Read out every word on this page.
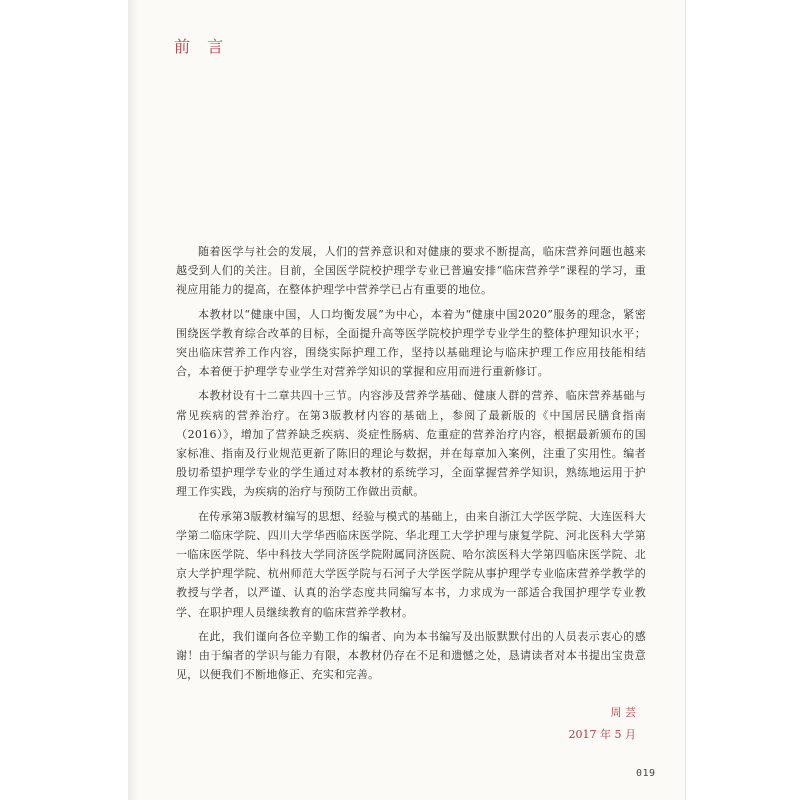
前 言

随着医学与社会的发展，人们的营养意识和对健康的要求不断提高，临床营养问题也越来越受到人们的关注。目前，全国医学院校护理学专业已普遍安排“临床营养学”课程的学习，重视应用能力的提高，在整体护理学中营养学已占有重要的地位。

本教材以“健康中国，人口均衡发展”为中心，本着为“健康中国2020”服务的理念，紧密围绕医学教育综合改革的目标，全面提升高等医学院校护理学专业学生的整体护理知识水平；突出临床营养工作内容，围绕实际护理工作，坚持以基础理论与临床护理工作应用技能相结合，本着便于护理学专业学生对营养学知识的掌握和应用而进行重新修订。

本教材设有十二章共四十三节。内容涉及营养学基础、健康人群的营养、临床营养基础与常见疾病的营养治疗。在第3版教材内容的基础上，参阅了最新版的《中国居民膳食指南（2016）》，增加了营养缺乏疾病、炎症性肠病、危重症的营养治疗内容，根据最新颁布的国家标准、指南及行业规范更新了陈旧的理论与数据，并在每章加入案例，注重了实用性。编者殷切希望护理学专业的学生通过对本教材的系统学习，全面掌握营养学知识，熟练地运用于护理工作实践，为疾病的治疗与预防工作做出贡献。

在传承第3版教材编写的思想、经验与模式的基础上，由来自浙江大学医学院、大连医科大学第二临床学院、四川大学华西临床医学院、华北理工大学护理与康复学院、河北医科大学第一临床医学院、华中科技大学同济医学院附属同济医院、哈尔滨医科大学第四临床医学院、北京大学护理学院、杭州师范大学医学院与石河子大学医学院从事护理学专业临床营养学教学的教授与学者，以严谨、认真的治学态度共同编写本书，力求成为一部适合我国护理学专业教学、在职护理人员继续教育的临床营养学教材。

在此，我们谨向各位辛勤工作的编者、向为本书编写及出版默默付出的人员表示衷心的感谢！由于编者的学识与能力有限，本教材仍存在不足和遗憾之处，恳请读者对本书提出宝贵意见，以便我们不断地修正、充实和完善。

周 芸
2017 年 5 月
019
